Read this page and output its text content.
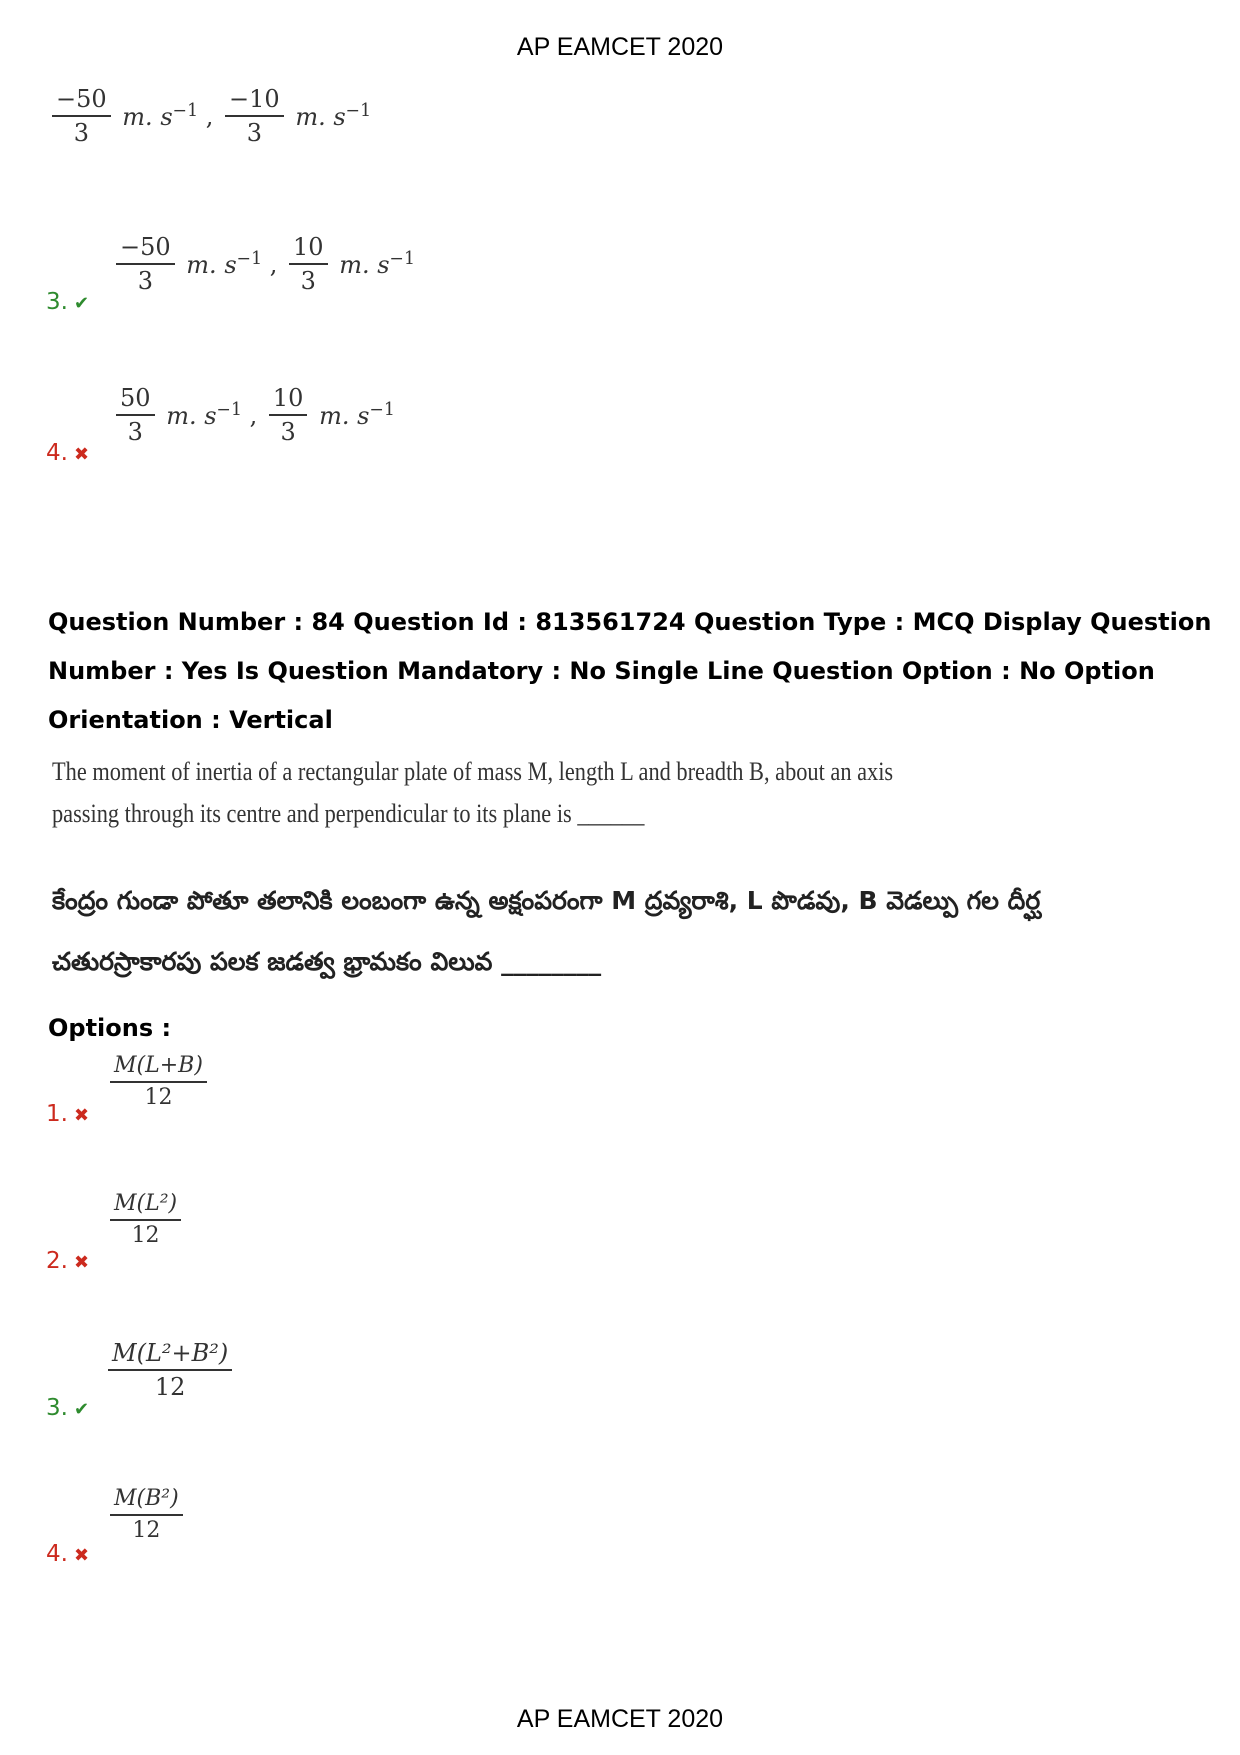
AP EAMCET 2020
$\frac{-50}{3} m$. $s^{-1}$ , $\frac{-10}{3} m$. $s^{-1}$
3. ✔
$\frac{-50}{3} m$. $s^{-1}$ , $\frac{10}{3} m$. $s^{-1}$
4. ✖
$\frac{50}{3} m$. $s^{-1}$ , $\frac{10}{3} m$. $s^{-1}$
Question Number : 84 Question Id : 813561724 Question Type : MCQ Display Question
Number : Yes Is Question Mandatory : No Single Line Question Option : No Option
Orientation : Vertical
The moment of inertia of a rectangular plate of mass M, length L and breadth B, about an axis
passing through its centre and perpendicular to its plane is ______
కేంద్రం గుండా పోతూ తలానికి లంబంగా ఉన్న అక్షంపరంగా M ద్రవ్యరాశి, L పొడవు, B వెడల్పు గల దీర్ఘ
చతురస్రాకారపు పలక జడత్వ భ్రామకం విలువ ________
Options :
1. ✖
$\frac{M(L+B)}{12}$
2. ✖
$\frac{\text{M(L²)}}{12}$
3. ✔
$\frac{\text{M(L²+B²)}}{12}$
4. ✖
$\frac{\text{M(B²)}}{12}$
AP EAMCET 2020
